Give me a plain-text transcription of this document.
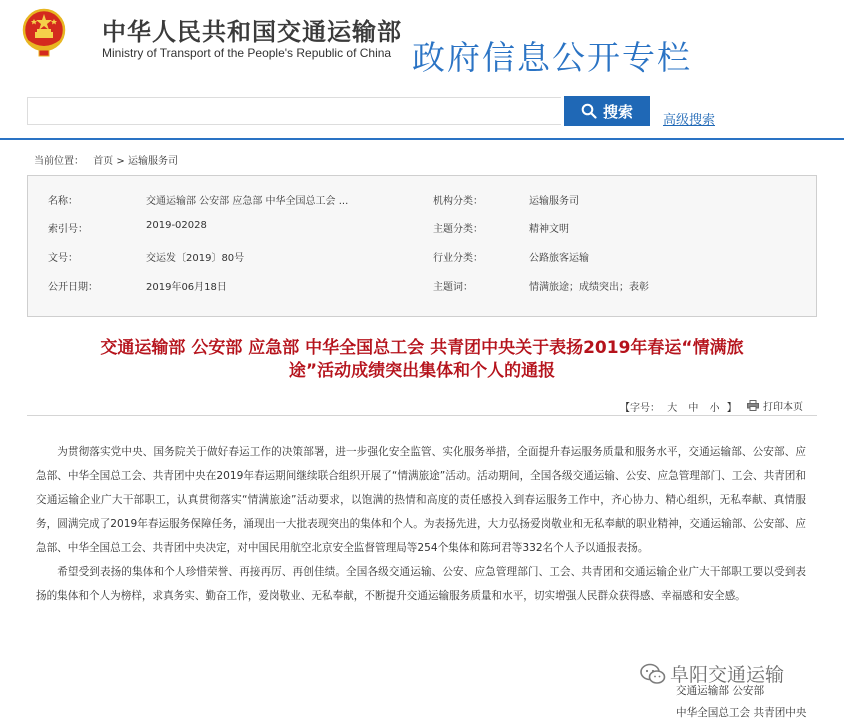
中华人民共和国交通运输部
Ministry of Transport of the People's Republic of China 政府信息公开专栏
搜索 高级搜索
当前位置： 首页 > 运输服务司
名称：	交通运输部 公安部 应急部 中华全国总工会 ...	机构分类：	运输服务司
索引号：	2019-02028	主题分类：	精神文明
文号：	交运发〔2019〕80号	行业分类：	公路旅客运输
公开日期：	2019年06月18日	主题词：	情满旅途；成绩突出；表彰
交通运输部 公安部 应急部 中华全国总工会 共青团中央关于表扬2019年春运“情满旅
途”活动成绩突出集体和个人的通报
【字号： 大 中 小 】	打印本页

为贯彻落实党中央、国务院关于做好春运工作的决策部署，进一步强化安全监管、实化服务举措，全面提升春运服务质量和服务水平，交通运输部、公安部、应急部、中华全国总工会、共青团中央在2019年春运期间继续联合组织开展了“情满旅途”活动。活动期间，全国各级交通运输、公安、应急管理部门、工会、共青团和交通运输企业广大干部职工，认真贯彻落实“情满旅途”活动要求，以饱满的热情和高度的责任感投入到春运服务工作中，齐心协力、精心组织，无私奉献、真情服务，圆满完成了2019年春运服务保障任务，涌现出一大批表现突出的集体和个人。为表扬先进，大力弘扬爱岗敬业和无私奉献的职业精神，交通运输部、公安部、应急部、中华全国总工会、共青团中央决定，对中国民用航空北京安全监督管理局等254个集体和陈珂君等332名个人予以通报表扬。

希望受到表扬的集体和个人珍惜荣誉、再接再厉、再创佳绩。全国各级交通运输、公安、应急管理部门、工会、共青团和交通运输企业广大干部职工要以受到表扬的集体和个人为榜样，求真务实、勤奋工作，爱岗敬业、无私奉献，不断提升交通运输服务质量和水平，切实增强人民群众获得感、幸福感和安全感。

交通运输部 公安部
中华全国总工会 共青团中央
阜阳交通运输
